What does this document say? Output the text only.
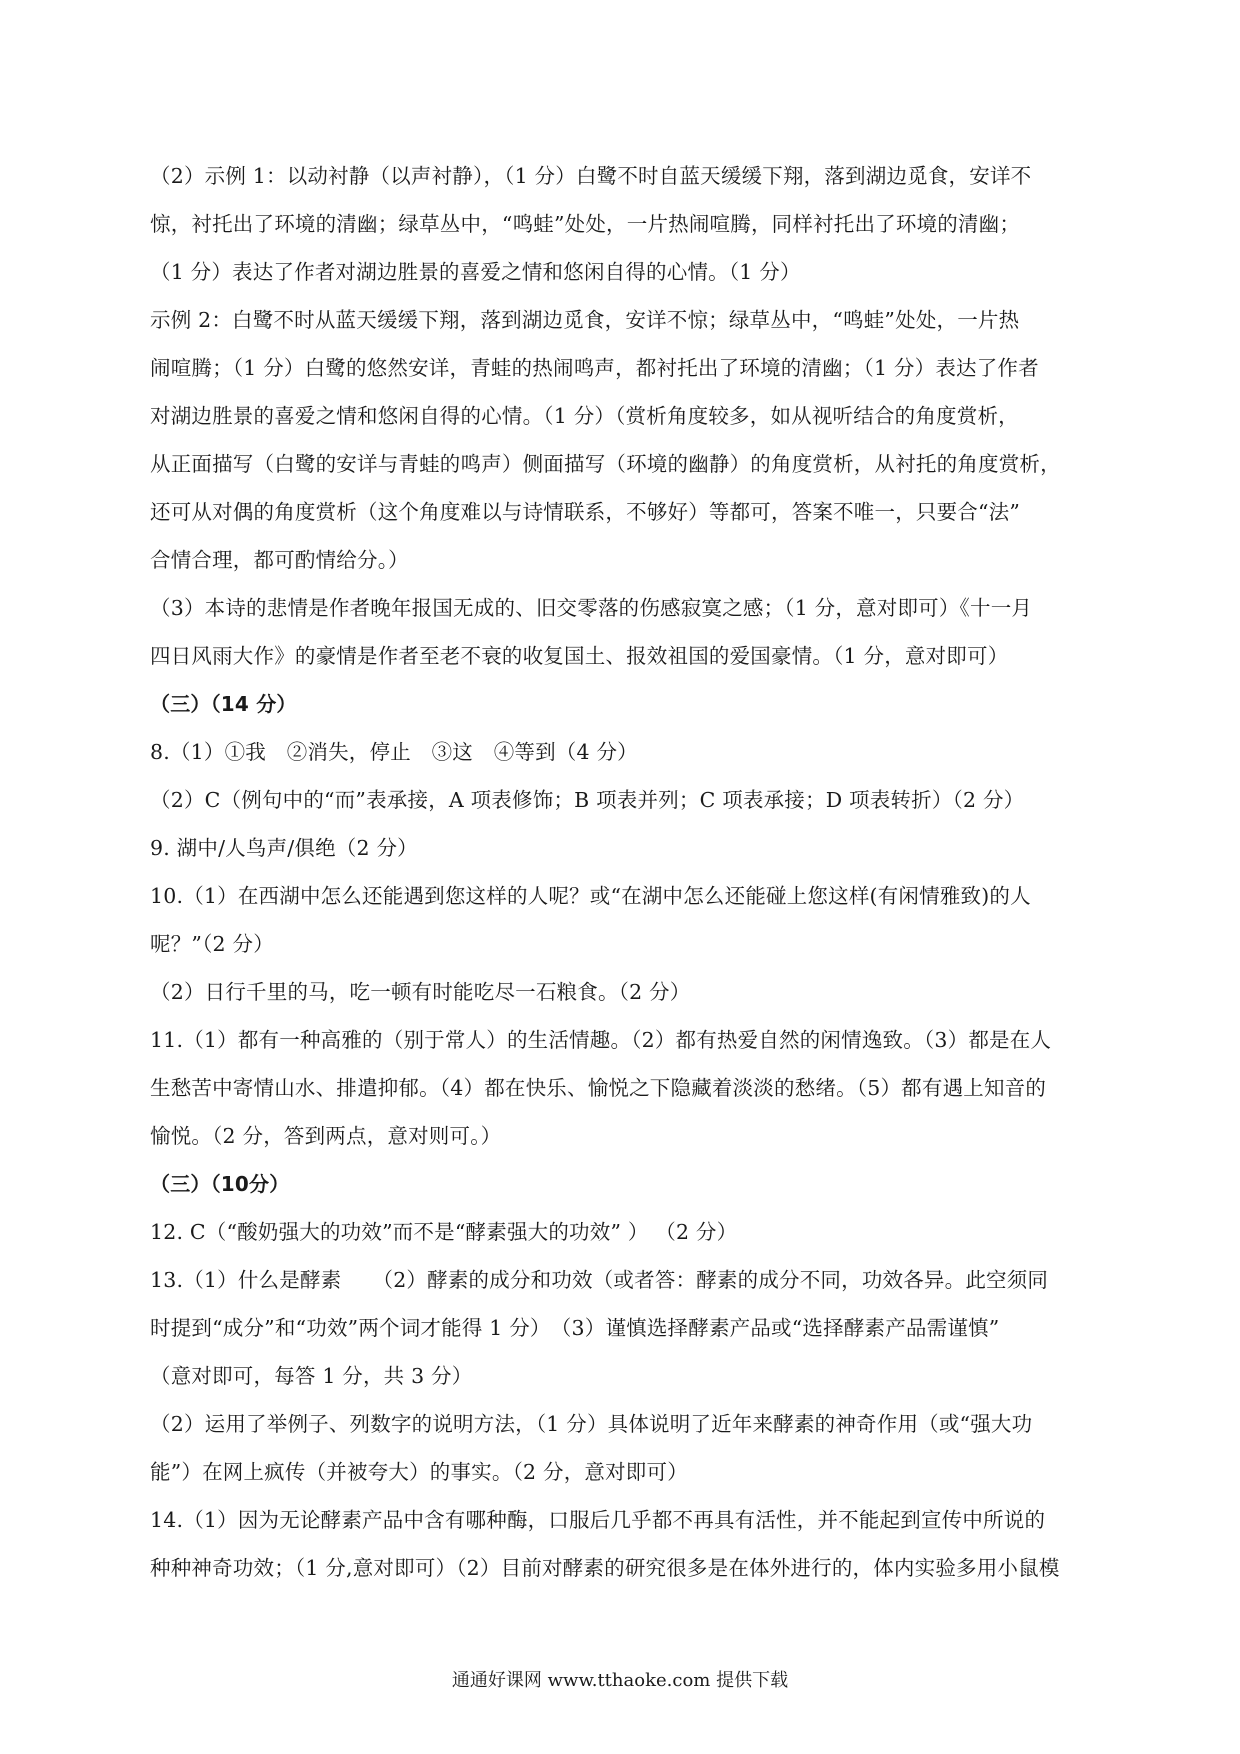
（2）示例 1：以动衬静（以声衬静），（1 分）白鹭不时自蓝天缓缓下翔，落到湖边觅食，安详不
惊，衬托出了环境的清幽；绿草丛中，“鸣蛙”处处，一片热闹喧腾，同样衬托出了环境的清幽；
（1 分）表达了作者对湖边胜景的喜爱之情和悠闲自得的心情。（1 分）
示例 2：白鹭不时从蓝天缓缓下翔，落到湖边觅食，安详不惊；绿草丛中，“鸣蛙”处处，一片热
闹喧腾；（1 分）白鹭的悠然安详，青蛙的热闹鸣声，都衬托出了环境的清幽；（1 分）表达了作者
对湖边胜景的喜爱之情和悠闲自得的心情。（1 分）（赏析角度较多，如从视听结合的角度赏析，
从正面描写（白鹭的安详与青蛙的鸣声）侧面描写（环境的幽静）的角度赏析，从衬托的角度赏析，
还可从对偶的角度赏析（这个角度难以与诗情联系，不够好）等都可，答案不唯一，只要合“法”
合情合理，都可酌情给分。）
（3）本诗的悲情是作者晚年报国无成的、旧交零落的伤感寂寞之感；（1 分，意对即可）《十一月
四日风雨大作》的豪情是作者至老不衰的收复国土、报效祖国的爱国豪情。（1 分，意对即可）
（三）（14 分）
8.（1）①我　②消失，停止　③这　④等到（4 分）
（2）C（例句中的“而”表承接，A 项表修饰；B 项表并列；C 项表承接；D 项表转折）（2 分）
9. 湖中/人鸟声/俱绝（2 分）
10.（1）在西湖中怎么还能遇到您这样的人呢？或“在湖中怎么还能碰上您这样(有闲情雅致)的人
呢？”（2 分）
（2）日行千里的马，吃一顿有时能吃尽一石粮食。（2 分）
11.（1）都有一种高雅的（别于常人）的生活情趣。（2）都有热爱自然的闲情逸致。（3）都是在人
生愁苦中寄情山水、排遣抑郁。（4）都在快乐、愉悦之下隐藏着淡淡的愁绪。（5）都有遇上知音的
愉悦。（2 分，答到两点，意对则可。）
（三）（10分）
12. C（“酸奶强大的功效”而不是“酵素强大的功效” ） （2 分）
13.（1）什么是酵素　　（2）酵素的成分和功效（或者答：酵素的成分不同，功效各异。此空须同
时提到“成分”和“功效”两个词才能得 1 分）　（3）谨慎选择酵素产品或“选择酵素产品需谨慎”
（意对即可，每答 1 分，共 3 分）
（2）运用了举例子、列数字的说明方法，（1 分）具体说明了近年来酵素的神奇作用（或“强大功
能”）在网上疯传（并被夸大）的事实。（2 分，意对即可）
14.（1）因为无论酵素产品中含有哪种酶，口服后几乎都不再具有活性，并不能起到宣传中所说的
种种神奇功效；（1 分,意对即可）（2）目前对酵素的研究很多是在体外进行的，体内实验多用小鼠模
通通好课网 www.tthaoke.com 提供下载
